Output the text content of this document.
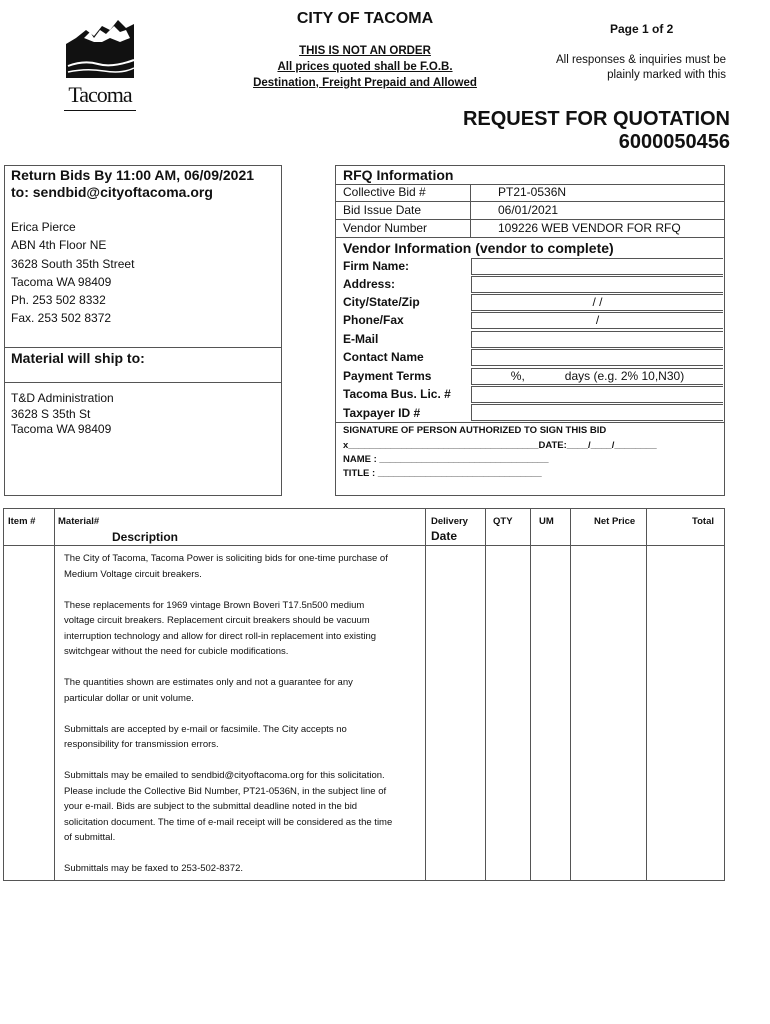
Tacoma
CITY OF TACOMA
THIS IS NOT AN ORDER
All prices quoted shall be F.O.B.
Destination, Freight Prepaid and Allowed
Page 1 of 2
All responses & inquiries must be
plainly marked with this
REQUEST FOR QUOTATION
6000050456
Return Bids By 11:00 AM, 06/09/2021
to: sendbid@cityoftacoma.org
Erica Pierce
ABN 4th Floor NE
3628 South 35th Street
Tacoma WA 98409
Ph. 253 502 8332
Fax. 253 502 8372
Material will ship to:
T&D Administration
3628 S 35th St
Tacoma WA 98409
RFQ Information
Collective Bid #	PT21-0536N
Bid Issue Date	06/01/2021
Vendor Number	109226 WEB VENDOR FOR RFQ
Vendor Information (vendor to complete)
Firm Name:
Address:
City/State/Zip	/ /
Phone/Fax	/
E-Mail
Contact Name
Payment Terms	%,            days (e.g. 2% 10,N30)
Tacoma Bus. Lic. #
Taxpayer ID #
SIGNATURE OF PERSON AUTHORIZED TO SIGN THIS BID
x____________________________________DATE:____/____/________
NAME : ________________________________
TITLE : _______________________________
Item # Material#
Description
Delivery
Date
QTY	UM	Net Price	Total

The City of Tacoma, Tacoma Power is soliciting bids for one-time purchase of Medium Voltage circuit breakers.

These replacements for 1969 vintage Brown Boveri T17.5n500 medium voltage circuit breakers. Replacement circuit breakers should be vacuum interruption technology and allow for direct roll-in replacement into existing switchgear without the need for cubicle modifications.

The quantities shown are estimates only and not a guarantee for any particular dollar or unit volume.

Submittals are accepted by e-mail or facsimile. The City accepts no responsibility for transmission errors.

Submittals may be emailed to sendbid@cityoftacoma.org for this solicitation. Please include the Collective Bid Number, PT21-0536N, in the subject line of your e-mail. Bids are subject to the submittal deadline noted in the bid solicitation document. The time of e-mail receipt will be considered as the time of submittal.

Submittals may be faxed to 253-502-8372.
